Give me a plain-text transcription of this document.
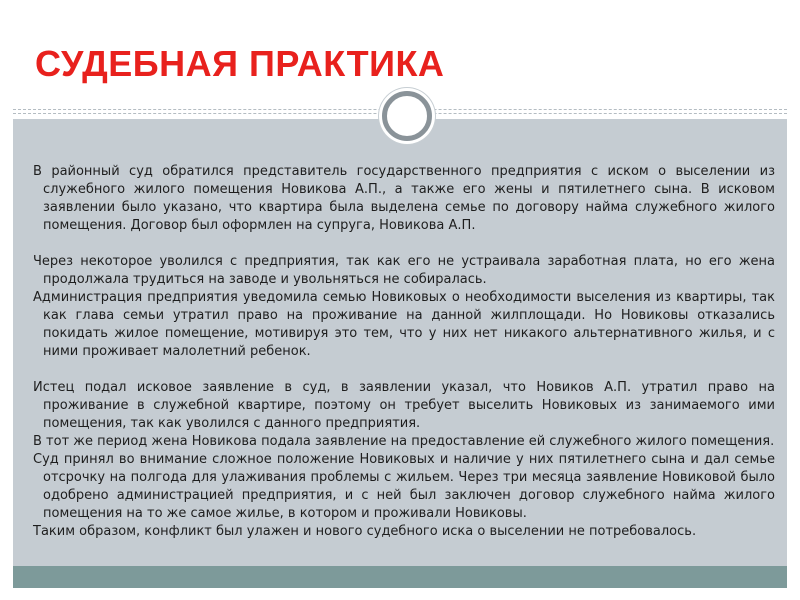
СУДЕБНАЯ ПРАКТИКА

В районный суд обратился представитель государственного предприятия с иском о выселении из служебного жилого помещения Новикова А.П., а также его жены и пятилетнего сына. В исковом заявлении было указано, что квартира была выделена семье по договору найма служебного жилого помещения. Договор был оформлен на супруга, Новикова А.П.

Через некоторое уволился с предприятия, так как его не устраивала заработная плата, но его жена продолжала трудиться на заводе и увольняться не собиралась.

Администрация предприятия уведомила семью Новиковых о необходимости выселения из квартиры, так как глава семьи утратил право на проживание на данной жилплощади. Но Новиковы отказались покидать жилое помещение, мотивируя это тем, что у них нет никакого альтернативного жилья, и с ними проживает малолетний ребенок.

Истец подал исковое заявление в суд, в заявлении указал, что Новиков А.П. утратил право на проживание в служебной квартире, поэтому он требует выселить Новиковых из занимаемого ими помещения, так как уволился с данного предприятия.

В тот же период жена Новикова подала заявление на предоставление ей служебного жилого помещения.

Суд принял во внимание сложное положение Новиковых и наличие у них пятилетнего сына и дал семье отсрочку на полгода для улаживания проблемы с жильем. Через три месяца заявление Новиковой было одобрено администрацией предприятия, и с ней был заключен договор служебного найма жилого помещения на то же самое жилье, в котором и проживали Новиковы.

Таким образом, конфликт был улажен и нового судебного иска о выселении не потребовалось.
